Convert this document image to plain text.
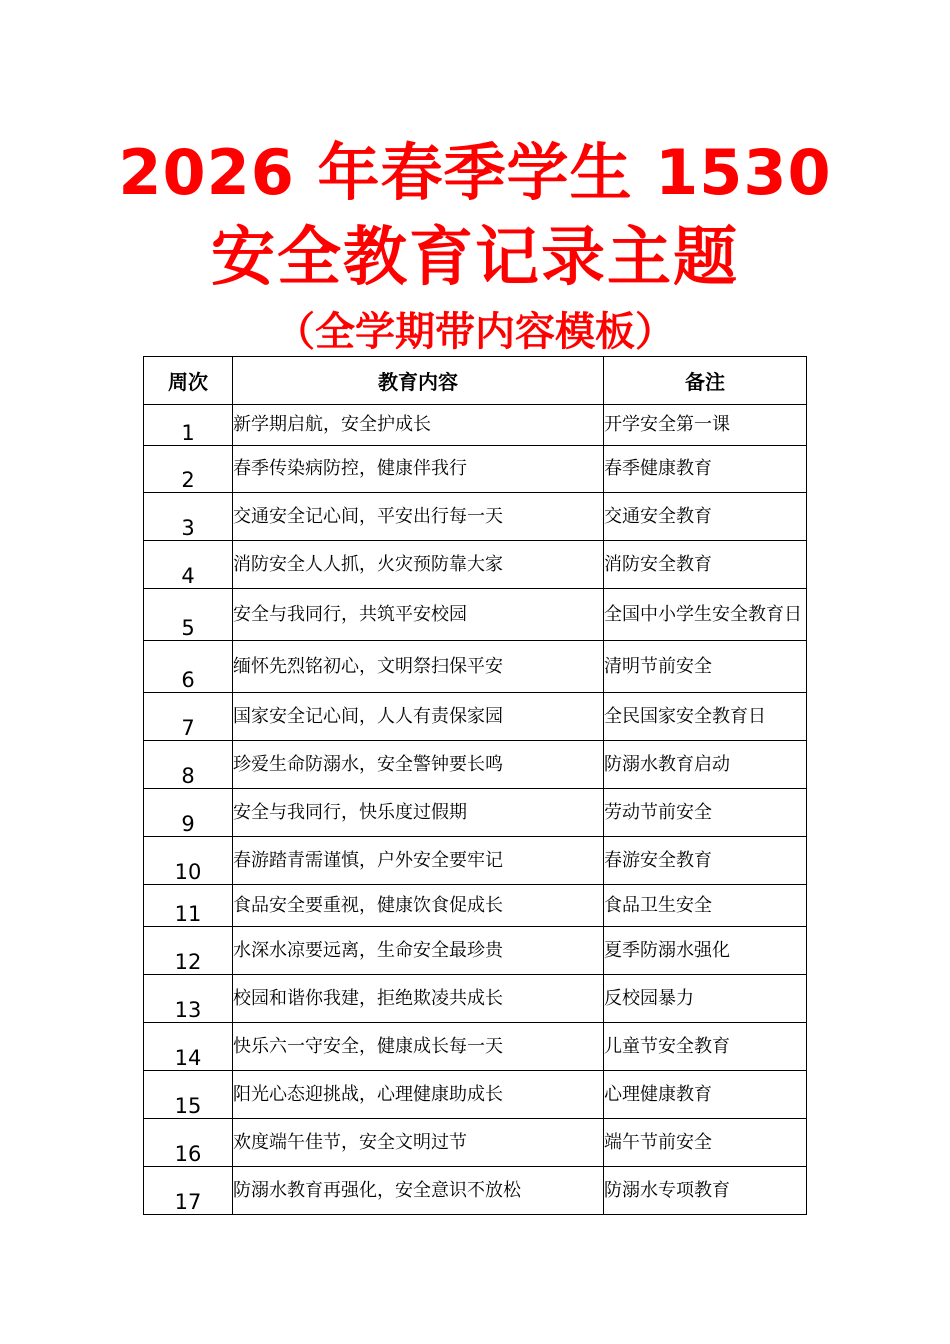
2026 年春季学生 1530
安全教育记录主题
（全学期带内容模板）
周次	教育内容	备注
1	新学期启航，安全护成长	开学安全第一课
2	春季传染病防控，健康伴我行	春季健康教育
3	交通安全记心间，平安出行每一天	交通安全教育
4	消防安全人人抓，火灾预防靠大家	消防安全教育
5	安全与我同行，共筑平安校园	全国中小学生安全教育日
6	缅怀先烈铭初心，文明祭扫保平安	清明节前安全
7	国家安全记心间，人人有责保家园	全民国家安全教育日
8	珍爱生命防溺水，安全警钟要长鸣	防溺水教育启动
9	安全与我同行，快乐度过假期	劳动节前安全
10	春游踏青需谨慎，户外安全要牢记	春游安全教育
11	食品安全要重视，健康饮食促成长	食品卫生安全
12	水深水凉要远离，生命安全最珍贵	夏季防溺水强化
13	校园和谐你我建，拒绝欺凌共成长	反校园暴力
14	快乐六一守安全，健康成长每一天	儿童节安全教育
15	阳光心态迎挑战，心理健康助成长	心理健康教育
16	欢度端午佳节，安全文明过节	端午节前安全
17	防溺水教育再强化，安全意识不放松	防溺水专项教育
